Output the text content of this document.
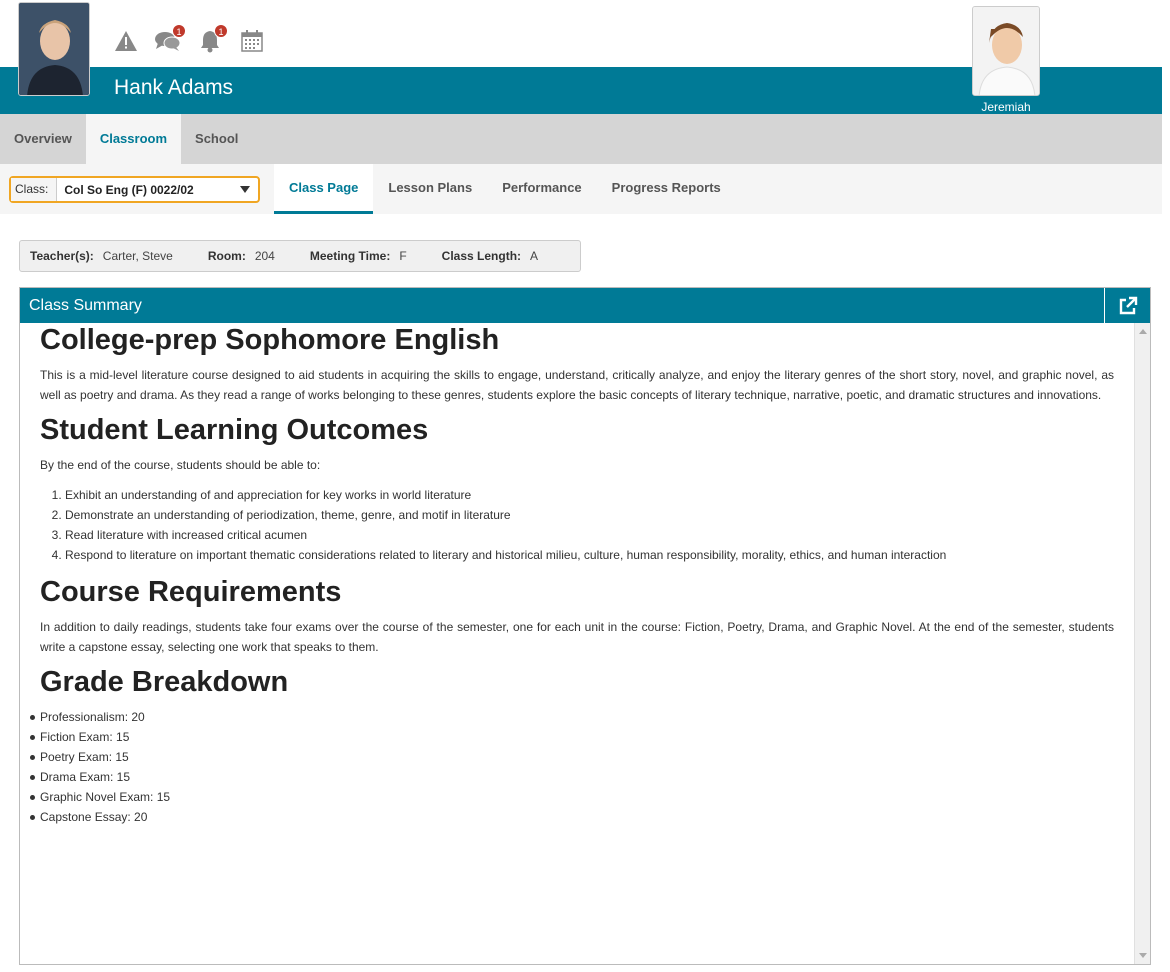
Hank Adams
1	1
Jeremiah
Overview	Classroom	School
Class:	Col So Eng (F) 0022/02	Class Page	Lesson Plans	Performance	Progress Reports
Teacher(s): Carter, Steve	Room: 204	Meeting Time: F	Class Length: A
Class Summary
College-prep Sophomore English

This is a mid-level literature course designed to aid students in acquiring the skills to engage, understand, critically analyze, and enjoy the literary genres of the short story, novel, and graphic novel, as well as poetry and drama. As they read a range of works belonging to these genres, students explore the basic concepts of literary technique, narrative, poetic, and dramatic structures and innovations.

Student Learning Outcomes

By the end of the course, students should be able to:

1. Exhibit an understanding of and appreciation for key works in world literature
2. Demonstrate an understanding of periodization, theme, genre, and motif in literature
3. Read literature with increased critical acumen
4. Respond to literature on important thematic considerations related to literary and historical milieu, culture, human responsibility, morality, ethics, and human interaction
Course Requirements

In addition to daily readings, students take four exams over the course of the semester, one for each unit in the course: Fiction, Poetry, Drama, and Graphic Novel. At the end of the semester, students write a capstone essay, selecting one work that speaks to them.

Grade Breakdown
• Professionalism: 20
• Fiction Exam: 15
• Poetry Exam: 15
• Drama Exam: 15
• Graphic Novel Exam: 15
• Capstone Essay: 20
